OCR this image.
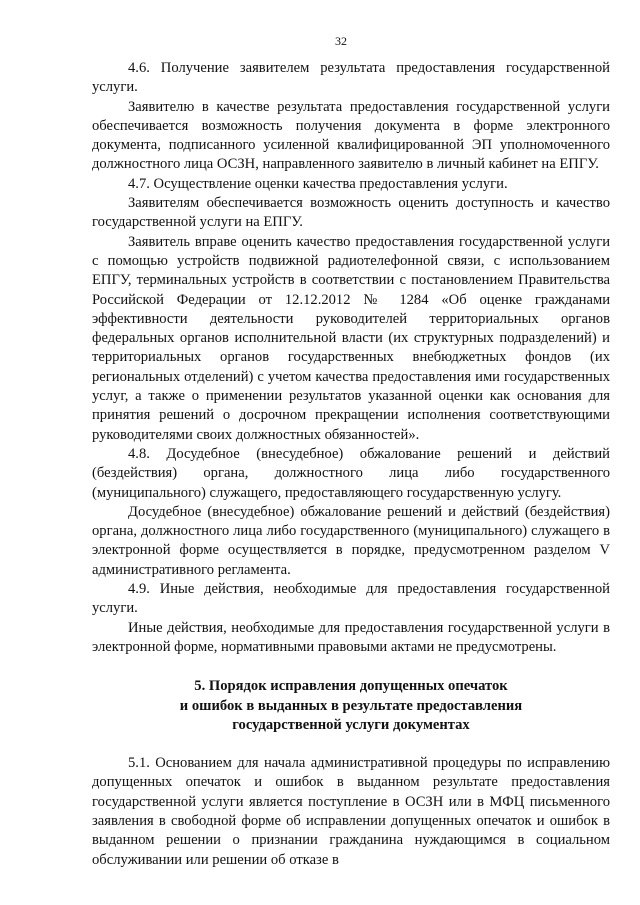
32

4.6. Получение заявителем результата предоставления государственной услуги.

Заявителю в качестве результата предоставления государственной услуги обеспечивается возможность получения документа в форме электронного документа, подписанного усиленной квалифицированной ЭП уполномоченного должностного лица ОСЗН, направленного заявителю в личный кабинет на ЕПГУ.

4.7. Осуществление оценки качества предоставления услуги.

Заявителям обеспечивается возможность оценить доступность и качество государственной услуги на ЕПГУ.

Заявитель вправе оценить качество предоставления государственной услуги с помощью устройств подвижной радиотелефонной связи, с использованием ЕПГУ, терминальных устройств в соответствии с постановлением Правительства Российской Федерации от 12.12.2012 № 1284 «Об оценке гражданами эффективности деятельности руководителей территориальных органов федеральных органов исполнительной власти (их структурных подразделений) и территориальных органов государственных внебюджетных фондов (их региональных отделений) с учетом качества предоставления ими государственных услуг, а также о применении результатов указанной оценки как основания для принятия решений о досрочном прекращении исполнения соответствующими руководителями своих должностных обязанностей».

4.8. Досудебное (внесудебное) обжалование решений и действий (бездействия) органа, должностного лица либо государственного (муниципального) служащего, предоставляющего государственную услугу.

Досудебное (внесудебное) обжалование решений и действий (бездействия) органа, должностного лица либо государственного (муниципального) служащего в электронной форме осуществляется в порядке, предусмотренном разделом V административного регламента.

4.9. Иные действия, необходимые для предоставления государственной услуги.

Иные действия, необходимые для предоставления государственной услуги в электронной форме, нормативными правовыми актами не предусмотрены.

5. Порядок исправления допущенных опечаток
и ошибок в выданных в результате предоставления
государственной услуги документах

5.1. Основанием для начала административной процедуры по исправлению допущенных опечаток и ошибок в выданном результате предоставления государственной услуги является поступление в ОСЗН или в МФЦ письменного заявления в свободной форме об исправлении допущенных опечаток и ошибок в выданном решении о признании гражданина нуждающимся в социальном обслуживании или решении об отказе в
